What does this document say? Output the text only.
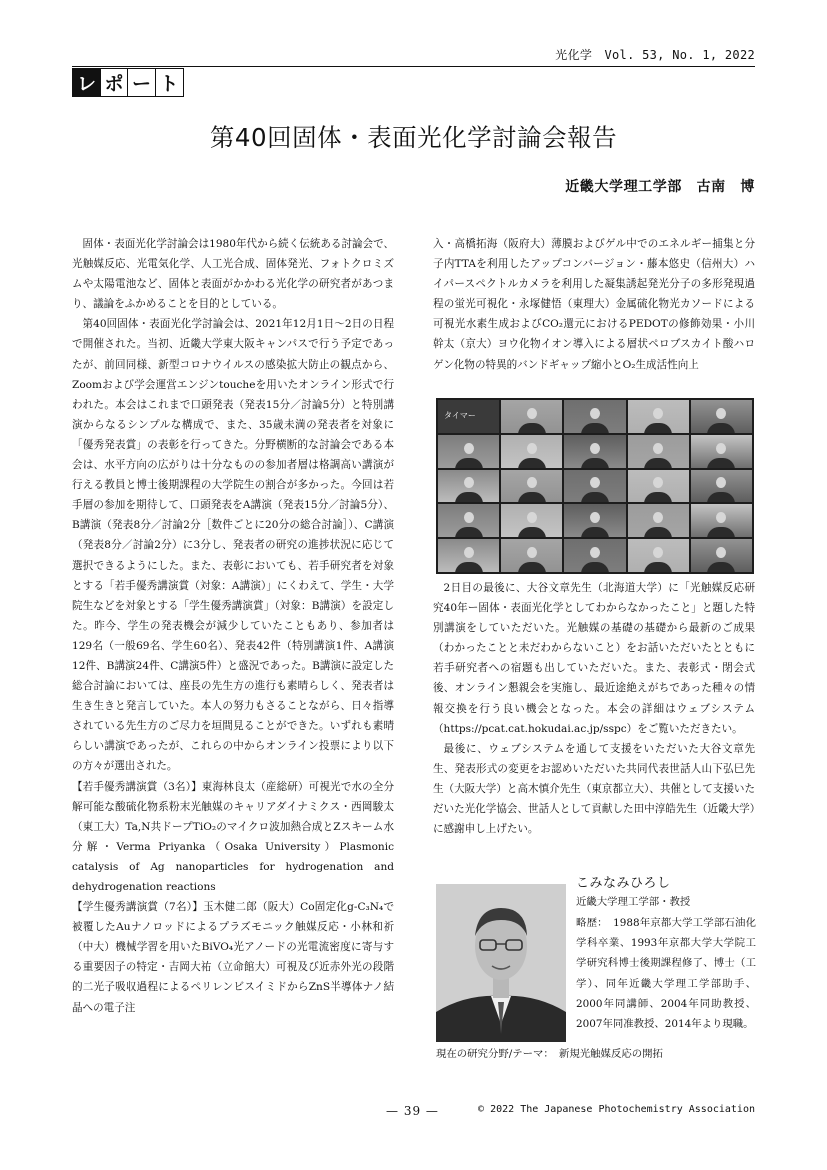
光化学　Vol. 53, No. 1, 2022
レ ポ ー ト
第40回固体・表面光化学討論会報告
近畿大学理工学部　古南　博

固体・表面光化学討論会は1980年代から続く伝統ある討論会で、光触媒反応、光電気化学、人工光合成、固体発光、フォトクロミズムや太陽電池など、固体と表面がかかわる光化学の研究者があつまり、議論をふかめることを目的としている。

第40回固体・表面光化学討論会は、2021年12月1日〜2日の日程で開催された。当初、近畿大学東大阪キャンパスで行う予定であったが、前回同様、新型コロナウイルスの感染拡大防止の観点から、Zoomおよび学会運営エンジンtoucheを用いたオンライン形式で行われた。本会はこれまで口頭発表（発表15分／討論5分）と特別講演からなるシンプルな構成で、また、35歳未満の発表者を対象に「優秀発表賞」の表彰を行ってきた。分野横断的な討論会である本会は、水平方向の広がりは十分なものの参加者層は格調高い講演が行える教員と博士後期課程の大学院生の割合が多かった。今回は若手層の参加を期待して、口頭発表をA講演（発表15分／討論5分）、B講演（発表8分／討論2分［数件ごとに20分の総合討論］）、C講演（発表8分／討論2分）に3分し、発表者の研究の進捗状況に応じて選択できるようにした。また、表彰においても、若手研究者を対象とする「若手優秀講演賞（対象：A講演）」にくわえて、学生・大学院生などを対象とする「学生優秀講演賞」（対象：B講演）を設定した。昨今、学生の発表機会が減少していたこともあり、参加者は129名（一般69名、学生60名）、発表42件（特別講演1件、A講演12件、B講演24件、C講演5件）と盛況であった。B講演に設定した総合討論においては、座長の先生方の進行も素晴らしく、発表者は生き生きと発言していた。本人の努力もさることながら、日々指導されている先生方のご尽力を垣間見ることができた。いずれも素晴らしい講演であったが、これらの中からオンライン投票により以下の方々が選出された。

【若手優秀講演賞（3名）】東海林良太（産総研）可視光で水の全分解可能な酸硫化物系粉末光触媒のキャリアダイナミクス・西岡駿太（東工大）Ta,N共ドープTiO₂のマイクロ波加熱合成とZスキーム水分解・Verma Priyanka（Osaka University）Plasmonic catalysis of Ag nanoparticles for hydrogenation and dehydrogenation reactions

【学生優秀講演賞（7名）】玉木健二郎（阪大）Co固定化g-C₃N₄で被覆したAuナノロッドによるプラズモニック触媒反応・小林和祈（中大）機械学習を用いたBiVO₄光アノードの光電流密度に寄与する重要因子の特定・吉岡大祐（立命館大）可視及び近赤外光の段階的二光子吸収過程によるペリレンビスイミドからZnS半導体ナノ結晶への電子注

入・高橋拓海（阪府大）薄膜およびゲル中でのエネルギー捕集と分子内TTAを利用したアップコンバージョン・藤本悠史（信州大）ハイパースペクトルカメラを利用した凝集誘起発光分子の多形発現過程の蛍光可視化・永塚健悟（東理大）金属硫化物光カソードによる可視光水素生成およびCO₂還元におけるPEDOTの修飾効果・小川幹太（京大）ヨウ化物イオン導入による層状ペロブスカイト酸ハロゲン化物の特異的バンドギャップ縮小とO₂生成活性向上

タイマー

2日目の最後に、大谷文章先生（北海道大学）に「光触媒反応研究40年ー固体・表面光化学としてわからなかったこと」と題した特別講演をしていただいた。光触媒の基礎の基礎から最新のご成果（わかったことと未だわからないこと）をお話いただいたとともに若手研究者への宿題も出していただいた。また、表彰式・閉会式後、オンライン懇親会を実施し、最近途絶えがちであった種々の情報交換を行う良い機会となった。本会の詳細はウェブシステム（https://pcat.cat.hokudai.ac.jp/sspc）をご覧いただきたい。

最後に、ウェブシステムを通して支援をいただいた大谷文章先生、発表形式の変更をお認めいただいた共同代表世話人山下弘巳先生（大阪大学）と高木慎介先生（東京都立大）、共催として支援いただいた光化学協会、世話人として貢献した田中淳皓先生（近畿大学）に感謝申し上げたい。

こみなみひろし
近畿大学理工学部・教授
略歴：　1988年京都大学工学部石油化学科卒業、1993年京都大学大学院工学研究科博士後期課程修了、博士（工学）、同年近畿大学理工学部助手、2000年同講師、2004年同助教授、2007年同准教授、2014年より現職。
現在の研究分野/テーマ：　新規光触媒反応の開拓
— 39 —	© 2022 The Japanese Photochemistry Association
